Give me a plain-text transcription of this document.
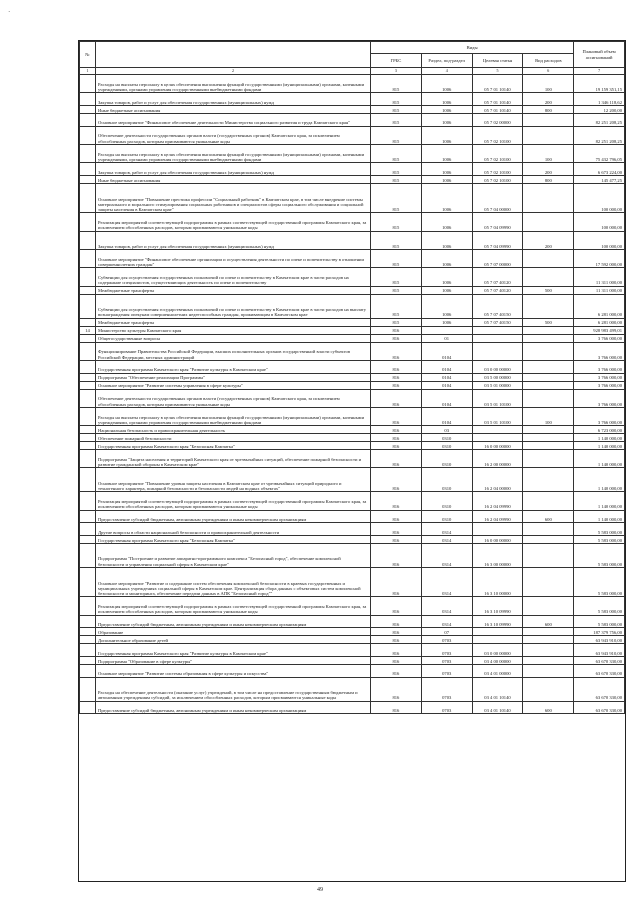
·
№		Виды				Плановый объем ассигнований
		ГРБС	Раздел, под-раздел	Целевая статья	Вид расходов	
1	2	3	4	5	6	7
	Расходы на выплаты персоналу в целях обеспечения выполнения функций государственными (муниципальными) органами, казенными учреждениями, органами управления государственными внебюджетными фондами	815	1006	05 7 01 10140	100	19 159 351,15
	Закупка товаров, работ и услуг для обеспечения государственных (муниципальных) нужд	815	1006	05 7 01 10140	200	1 346 118,62
	Иные бюджетные ассигнования	815	1006	05 7 01 10140	800	12 200,00
	Основное мероприятие "Финансовое обеспечение деятельности Министерства социального развития и труда Камчатского края"	815	1006	05 7 02 00000		82 251 208,25
	Обеспечение деятельности государственных органов власти (государственных органов) Камчатского края, за исключением обособленных расходов, которым присваиваются уникальные коды	815	1006	05 7 02 10100		82 251 208,25
	Расходы на выплаты персоналу в целях обеспечения выполнения функций государственными (муниципальными) органами, казенными учреждениями, органами управления государственными внебюджетными фондами	815	1006	05 7 02 10100	100	75 432 796,05
	Закупка товаров, работ и услуг для обеспечения государственных (муниципальных) нужд	815	1006	05 7 02 10100	200	6 673 224,00
	Иные бюджетные ассигнования	815	1006	05 7 02 10100	800	145 477,25
	Основное мероприятие "Повышение престижа профессии "Социальный работник" в Камчатском крае, в том числе внедрение системы материального и морального стимулирования социальных работников и специалистов сферы социального обслуживания и социальной защиты населения в Камчатском крае"	815	1006	05 7 04 00000		100 000,00
	Реализация мероприятий соответствующей подпрограммы в рамках соответствующей государственной программы Камчатского края, за исключением обособленных расходов, которым присваиваются уникальные коды	815	1006	05 7 04 09990		100 000,00
	Закупка товаров, работ и услуг для обеспечения государственных (муниципальных) нужд	815	1006	05 7 04 09990	200	100 000,00
	Основное мероприятие "Финансовое обеспечение организации и осуществления деятельности по опеке и попечительству в отношении совершеннолетних граждан"	815	1006	05 7 07 00000		17 592 000,00
	Субвенции для осуществления государственных полномочий по опеке и попечительству в Камчатском крае в части расходов на содержание специалистов, осуществляющих деятельность по опеке и попечительству	815	1006	05 7 07 40120		11 311 000,00
	Межбюджетные трансферты	815	1006	05 7 07 40120	500	11 311 000,00
	Субвенции для осуществления государственных полномочий по опеке и попечительству в Камчатском крае в части расходов на выплату вознаграждения опекунам совершеннолетних недееспособных граждан, проживающим в Камчатском крае	815	1006	05 7 07 40150		6 281 000,00
	Межбюджетные трансферты	815	1006	05 7 07 40150	500	6 281 000,00
14	Министерство культуры Камчатского края	816				928 983 499,01
	Общегосударственные вопросы	816	01			3 766 000,00
	Функционирование Правительства Российской Федерации, высших исполнительных органов государственной власти субъектов Российской Федерации, местных администраций	816	0104			3 766 000,00
	Государственная программа Камчатского края "Развитие культуры в Камчатском крае"	816	0104	03 0 00 00000		3 766 000,00
	Подпрограмма "Обеспечение реализации Программы"	816	0104	03 5 00 00000		3 766 000,00
	Основное мероприятие "Развитие системы управления в сфере культуры"	816	0104	03 5 01 00000		3 766 000,00
	Обеспечение деятельности государственных органов власти (государственных органов) Камчатского края, за исключением обособленных расходов, которым присваиваются уникальные коды	816	0104	03 5 01 10100		3 766 000,00
	Расходы на выплаты персоналу в целях обеспечения выполнения функций государственными (муниципальными) органами, казенными учреждениями, органами управления государственными внебюджетными фондами	816	0104	03 5 01 10100	100	3 766 000,00
	Национальная безопасность и правоохранительная деятельность	816	03			6 723 000,00
	Обеспечение пожарной безопасности	816	0310			1 140 000,00
	Государственная программа Камчатского края "Безопасная Камчатка"	816	0310	16 0 00 00000		1 140 000,00
	Подпрограмма "Защита населения и территорий Камчатского края от чрезвычайных ситуаций, обеспечение пожарной безопасности и развитие гражданской обороны в Камчатском крае"	816	0310	16 2 00 00000		1 140 000,00
	Основное мероприятие "Повышение уровня защиты населения в Камчатском крае от чрезвычайных ситуаций природного и техногенного характера, пожарной безопасности и безопасности людей на водных объектах"	816	0310	16 2 04 00000		1 140 000,00
	Реализация мероприятий соответствующей подпрограммы в рамках соответствующей государственной программы Камчатского края, за исключением обособленных расходов, которым присваиваются уникальные коды	816	0310	16 2 04 09990		1 140 000,00
	Предоставление субсидий бюджетным, автономным учреждениям и иным некоммерческим организациям	816	0310	16 2 04 09990	600	1 140 000,00
	Другие вопросы в области национальной безопасности и правоохранительной деятельности	816	0314			5 583 000,00
	Государственная программа Камчатского края "Безопасная Камчатка"	816	0314	16 0 00 00000		5 583 000,00
	Подпрограмма "Построение и развитие аппаратно-программного комплекса "Безопасный город", обеспечение комплексной безопасности и управления социальной сферы в Камчатском крае"	816	0314	16 3 00 00000		5 583 000,00
	Основное мероприятие "Развитие и содержание систем обеспечения комплексной безопасности в краевых государственных и муниципальных учреждениях социальной сферы в Камчатском крае. Централизация сбора данных с объектовых систем комплексной безопасности и мониторинга, обеспечение передачи данных в АПК "Безопасный город""	816	0314	16 3 10 00000		5 583 000,00
	Реализация мероприятий соответствующей подпрограммы в рамках соответствующей государственной программы Камчатского края, за исключением обособленных расходов, которым присваиваются уникальные коды	816	0314	16 3 10 09990		5 583 000,00
	Предоставление субсидий бюджетным, автономным учреждениям и иным некоммерческим организациям	816	0314	16 3 10 09990	600	5 583 000,00
	Образование	816	07			187 379 756,00
	Дополнительное образование детей	816	0703			63 943 910,00
	Государственная программа Камчатского края "Развитие культуры в Камчатском крае"	816	0703	03 0 00 00000		63 943 910,00
	Подпрограмма "Образование в сфере культуры"	816	0703	03 4 00 00000		63 670 330,00
	Основное мероприятие "Развитие системы образования в сфере культуры и искусства"	816	0703	03 4 01 00000		63 670 330,00
	Расходы на обеспечение деятельности (оказание услуг) учреждений, в том числе на предоставление государственным бюджетным и автономным учреждениям субсидий, за исключением обособленных расходов, которым присваиваются уникальные коды	816	0703	03 4 01 10140		63 670 330,00
	Предоставление субсидий бюджетным, автономным учреждениям и иным некоммерческим организациям	816	0703	03 4 01 10140	600	63 670 330,00
49
